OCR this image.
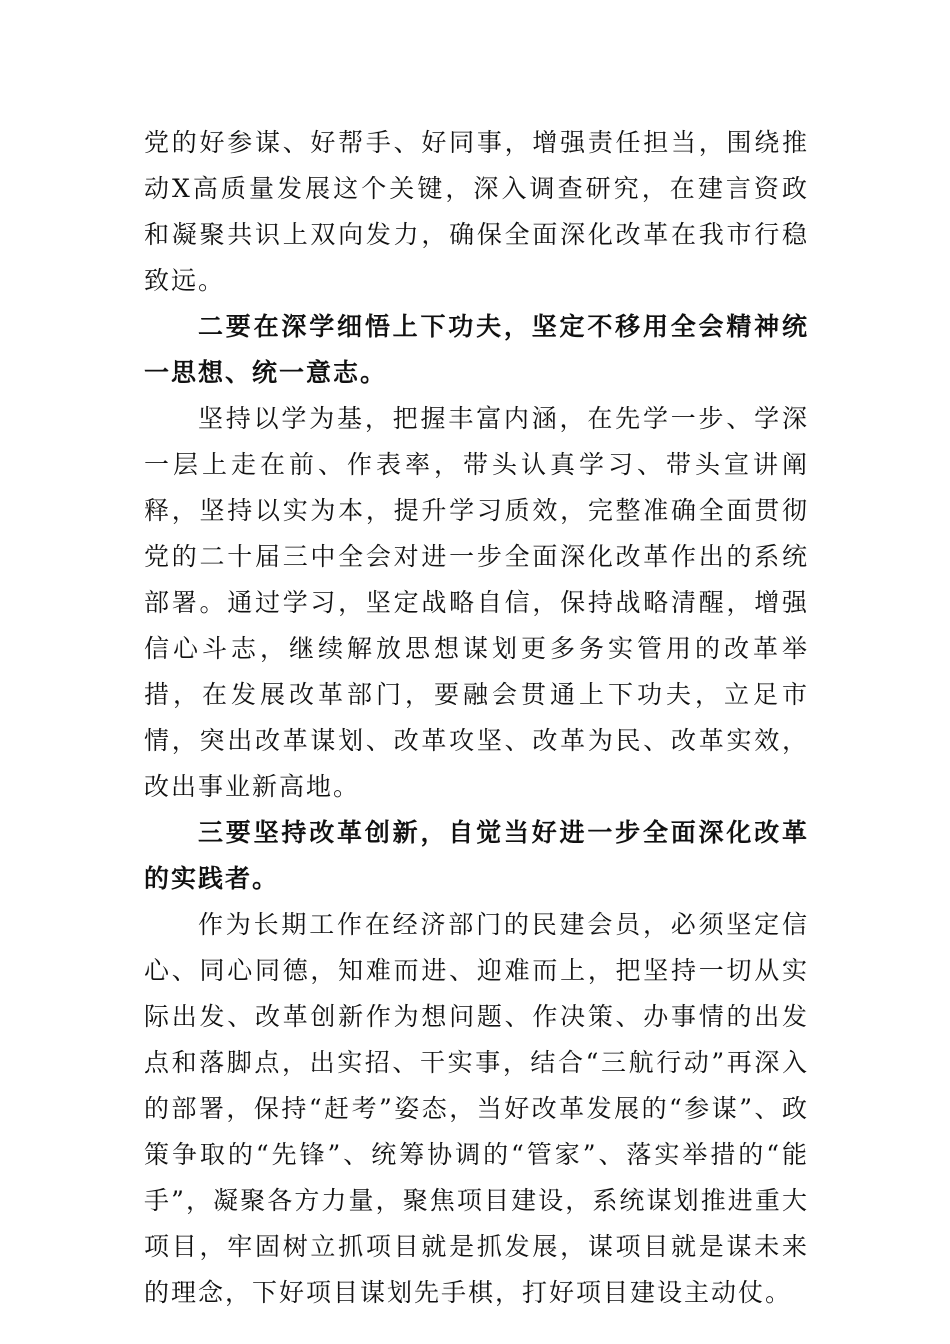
党的好参谋、好帮手、好同事，增强责任担当，围绕推动X高质量发展这个关键，深入调查研究，在建言资政和凝聚共识上双向发力，确保全面深化改革在我市行稳致远。

二要在深学细悟上下功夫，坚定不移用全会精神统一思想、统一意志。

坚持以学为基，把握丰富内涵，在先学一步、学深一层上走在前、作表率，带头认真学习、带头宣讲阐释，坚持以实为本，提升学习质效，完整准确全面贯彻党的二十届三中全会对进一步全面深化改革作出的系统部署。通过学习，坚定战略自信，保持战略清醒，增强信心斗志，继续解放思想谋划更多务实管用的改革举措，在发展改革部门，要融会贯通上下功夫，立足市情，突出改革谋划、改革攻坚、改革为民、改革实效，改出事业新高地。

三要坚持改革创新，自觉当好进一步全面深化改革的实践者。

作为长期工作在经济部门的民建会员，必须坚定信心、同心同德，知难而进、迎难而上，把坚持一切从实际出发、改革创新作为想问题、作决策、办事情的出发点和落脚点，出实招、干实事，结合“三航行动”再深入的部署，保持“赶考”姿态，当好改革发展的“参谋”、政策争取的“先锋”、统筹协调的“管家”、落实举措的“能手”，凝聚各方力量，聚焦项目建设，系统谋划推进重大项目，牢固树立抓项目就是抓发展，谋项目就是谋未来的理念，下好项目谋划先手棋，打好项目建设主动仗。
